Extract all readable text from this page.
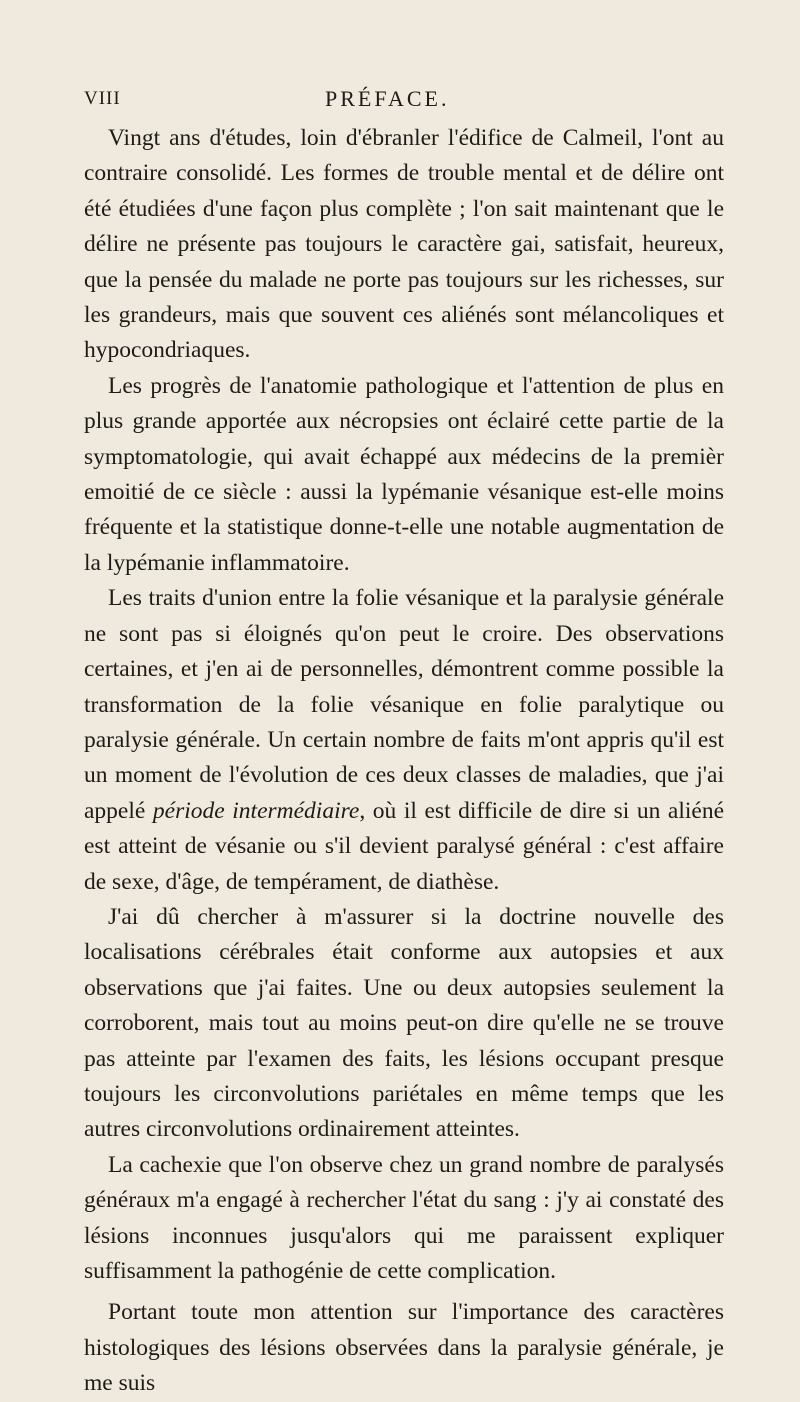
VIII	PRÉFACE.

Vingt ans d'études, loin d'ébranler l'édifice de Calmeil, l'ont au contraire consolidé. Les formes de trouble mental et de délire ont été étudiées d'une façon plus complète ; l'on sait maintenant que le délire ne présente pas toujours le caractère gai, satisfait, heureux, que la pensée du malade ne porte pas toujours sur les richesses, sur les grandeurs, mais que souvent ces aliénés sont mélancoliques et hypocondriaques.

Les progrès de l'anatomie pathologique et l'attention de plus en plus grande apportée aux nécropsies ont éclairé cette partie de la symptomatologie, qui avait échappé aux médecins de la premièr emoitié de ce siècle : aussi la lypémanie vésanique est-elle moins fréquente et la statistique donne-t-elle une notable augmentation de la lypémanie inflammatoire.

Les traits d'union entre la folie vésanique et la paralysie générale ne sont pas si éloignés qu'on peut le croire. Des observations certaines, et j'en ai de personnelles, démontrent comme possible la transformation de la folie vésanique en folie paralytique ou paralysie générale. Un certain nombre de faits m'ont appris qu'il est un moment de l'évolution de ces deux classes de maladies, que j'ai appelé période intermédiaire, où il est difficile de dire si un aliéné est atteint de vésanie ou s'il devient paralysé général : c'est affaire de sexe, d'âge, de tempérament, de diathèse.

J'ai dû chercher à m'assurer si la doctrine nouvelle des localisations cérébrales était conforme aux autopsies et aux observations que j'ai faites. Une ou deux autopsies seulement la corroborent, mais tout au moins peut-on dire qu'elle ne se trouve pas atteinte par l'examen des faits, les lésions occupant presque toujours les circonvolutions pariétales en même temps que les autres circonvolutions ordinairement atteintes.

La cachexie que l'on observe chez un grand nombre de paralysés généraux m'a engagé à rechercher l'état du sang : j'y ai constaté des lésions inconnues jusqu'alors qui me paraissent expliquer suffisamment la pathogénie de cette complication.

Portant toute mon attention sur l'importance des caractères histologiques des lésions observées dans la paralysie générale, je me suis
